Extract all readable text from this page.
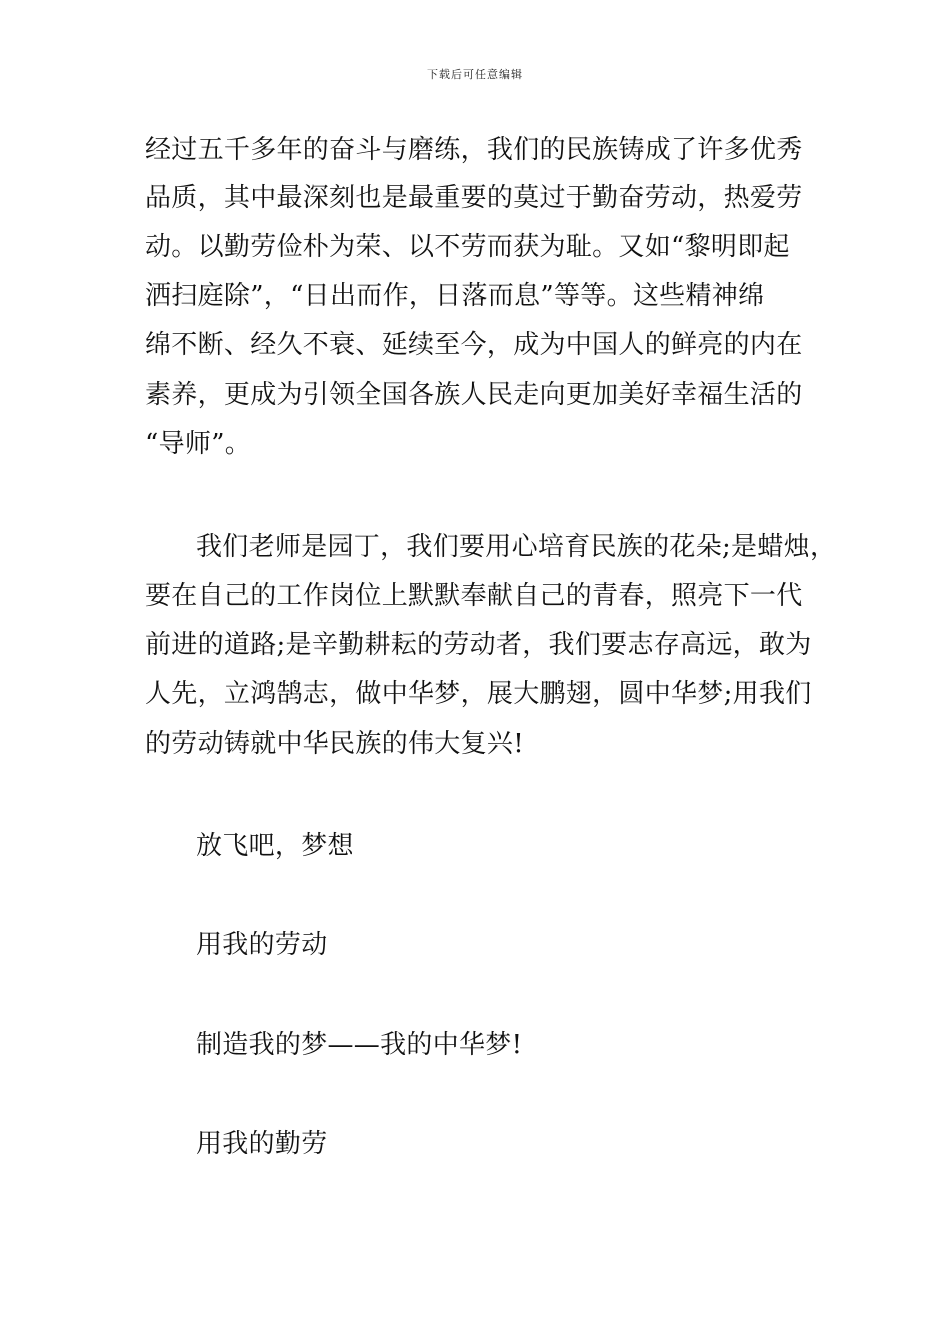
下载后可任意编辑
经过五千多年的奋斗与磨练，我们的民族铸成了许多优秀
品质，其中最深刻也是最重要的莫过于勤奋劳动，热爱劳
动。以勤劳俭朴为荣、以不劳而获为耻。又如“黎明即起
洒扫庭除”，“日出而作，日落而息”等等。这些精神绵
绵不断、经久不衰、延续至今，成为中国人的鲜亮的内在
素养，更成为引领全国各族人民走向更加美好幸福生活的
“导师”。
我们老师是园丁，我们要用心培育民族的花朵;是蜡烛，
要在自己的工作岗位上默默奉献自己的青春，照亮下一代
前进的道路;是辛勤耕耘的劳动者，我们要志存高远，敢为
人先，立鸿鹄志，做中华梦，展大鹏翅，圆中华梦;用我们
的劳动铸就中华民族的伟大复兴!
放飞吧，梦想
用我的劳动
制造我的梦——我的中华梦!
用我的勤劳
